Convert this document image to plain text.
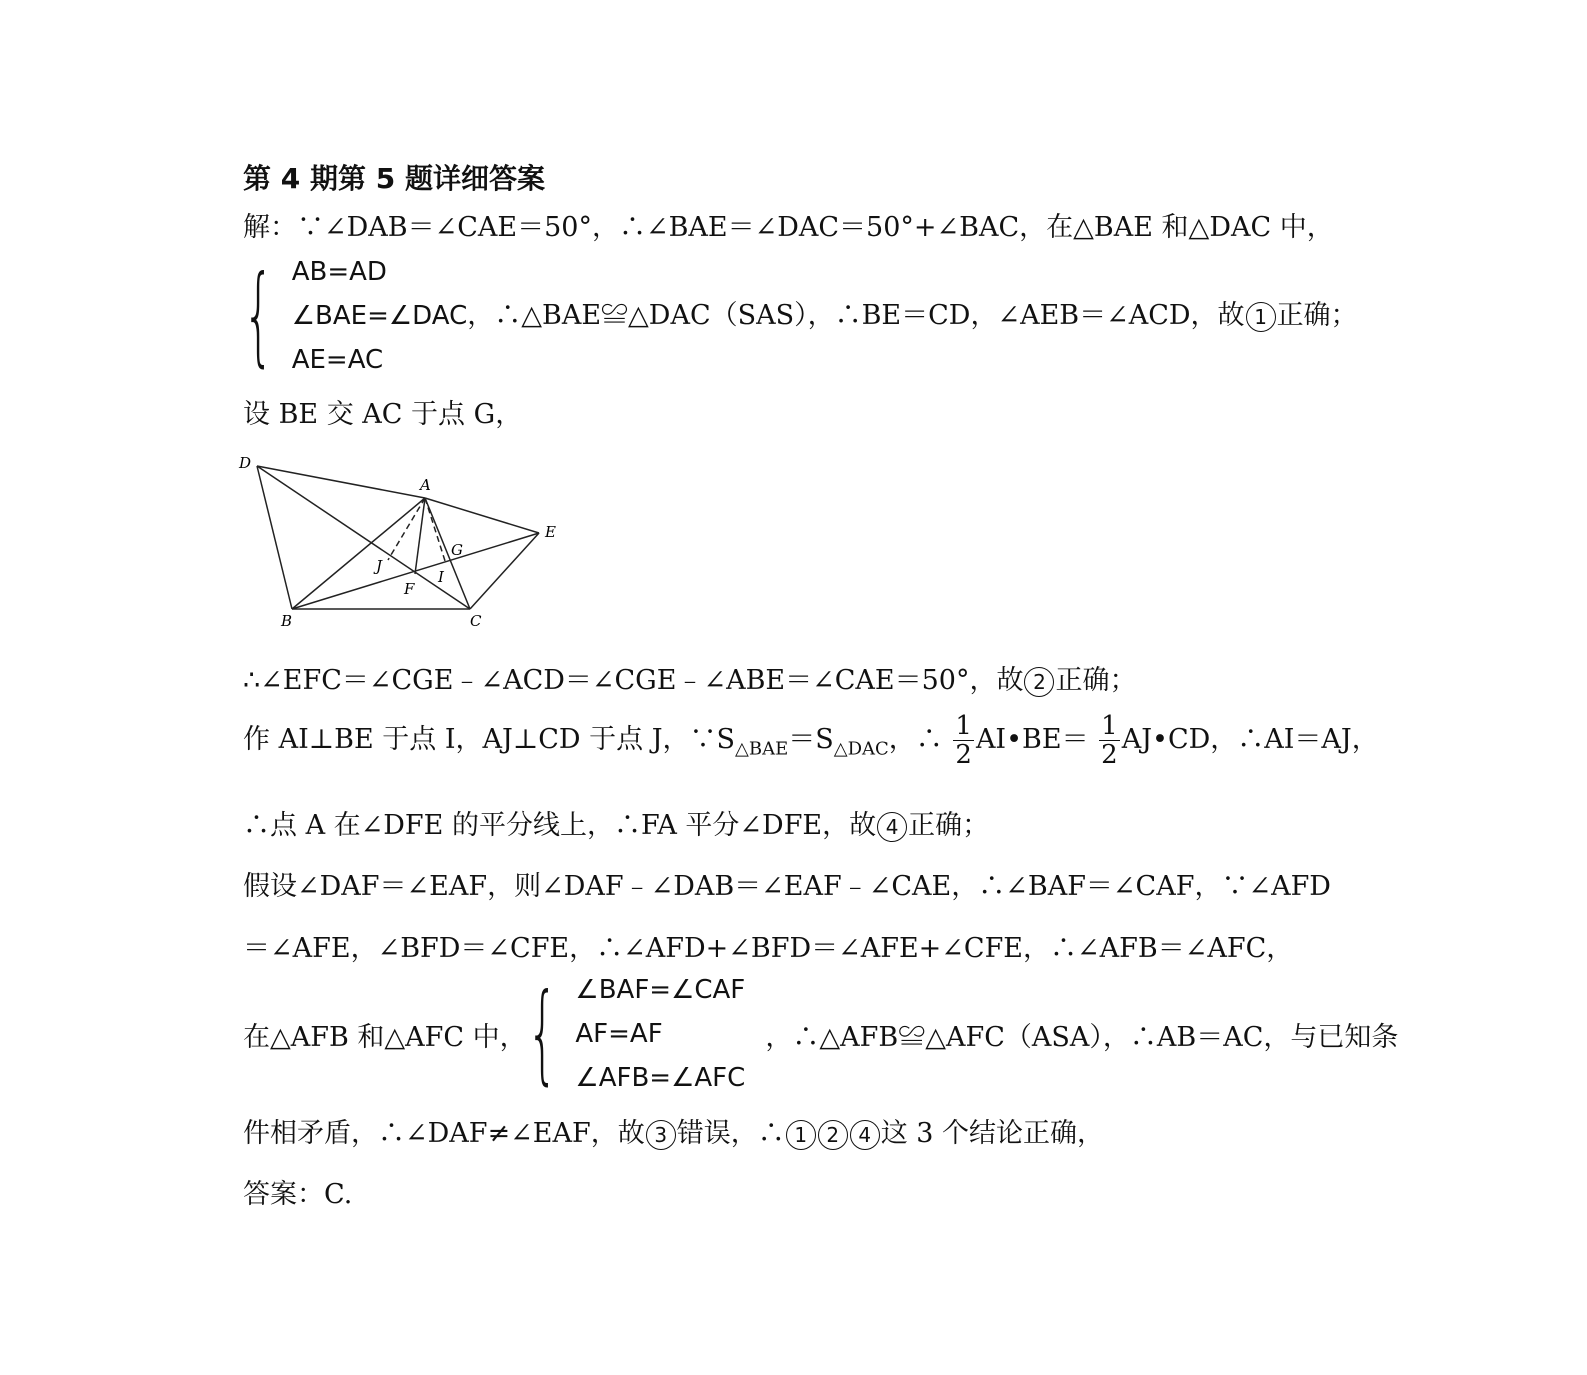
第 4 期第 5 题详细答案
解：∵∠DAB＝∠CAE＝50°，∴∠BAE＝∠DAC＝50°+∠BAC，在△BAE 和△DAC 中，
{ AB=AD
∠BAE=∠DAC，∴△BAE≌△DAC（SAS），∴BE＝CD，∠AEB＝∠ACD，故 1 正确；
AE=AC
设 BE 交 AC 于点 G，
D
A
E
G
J
I
F
B	C
∴∠EFC＝∠CGE﹣∠ACD＝∠CGE﹣∠ABE＝∠CAE＝50°，故 2 正确；
作 AI⊥BE 于点 I，AJ⊥CD 于点 J，$\because S_{\triangle BAE}=S_{\triangle DAC}$，∴ $\frac{1}{2}$ AI•BE＝ $\frac{1}{2}$ AJ•CD，∴AI＝AJ，
∴点 A 在∠DFE 的平分线上，∴FA 平分∠DFE，故 4 正确；
假设∠DAF＝∠EAF，则∠DAF﹣∠DAB＝∠EAF﹣∠CAE，∴∠BAF＝∠CAF，∵∠AFD
＝∠AFE，∠BFD＝∠CFE，∴∠AFD+∠BFD＝∠AFE+∠CFE，∴∠AFB＝∠AFC，
在△AFB 和△AFC 中， { ∠BAF=∠CAF
AF=AF
∠AFB=∠AFC
，∴△AFB≌△AFC（ASA），∴AB＝AC，与已知条
件相矛盾，∴∠DAF≠∠EAF，故 3 错误，∴ 1 2 4 这 3 个结论正确，
答案：C.
